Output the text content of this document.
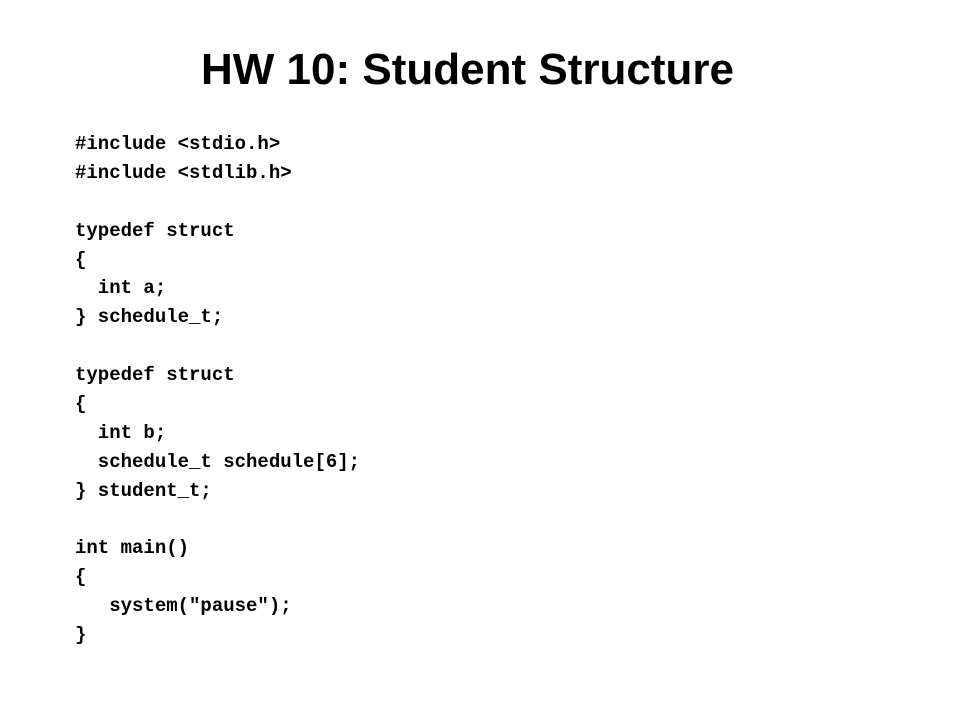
HW 10: Student Structure
#include <stdio.h>
#include <stdlib.h>
typedef struct
{
int a;
} schedule_t;
typedef struct
{
int b;
schedule_t schedule[6];
} student_t;
int main()
{
system("pause");
}
